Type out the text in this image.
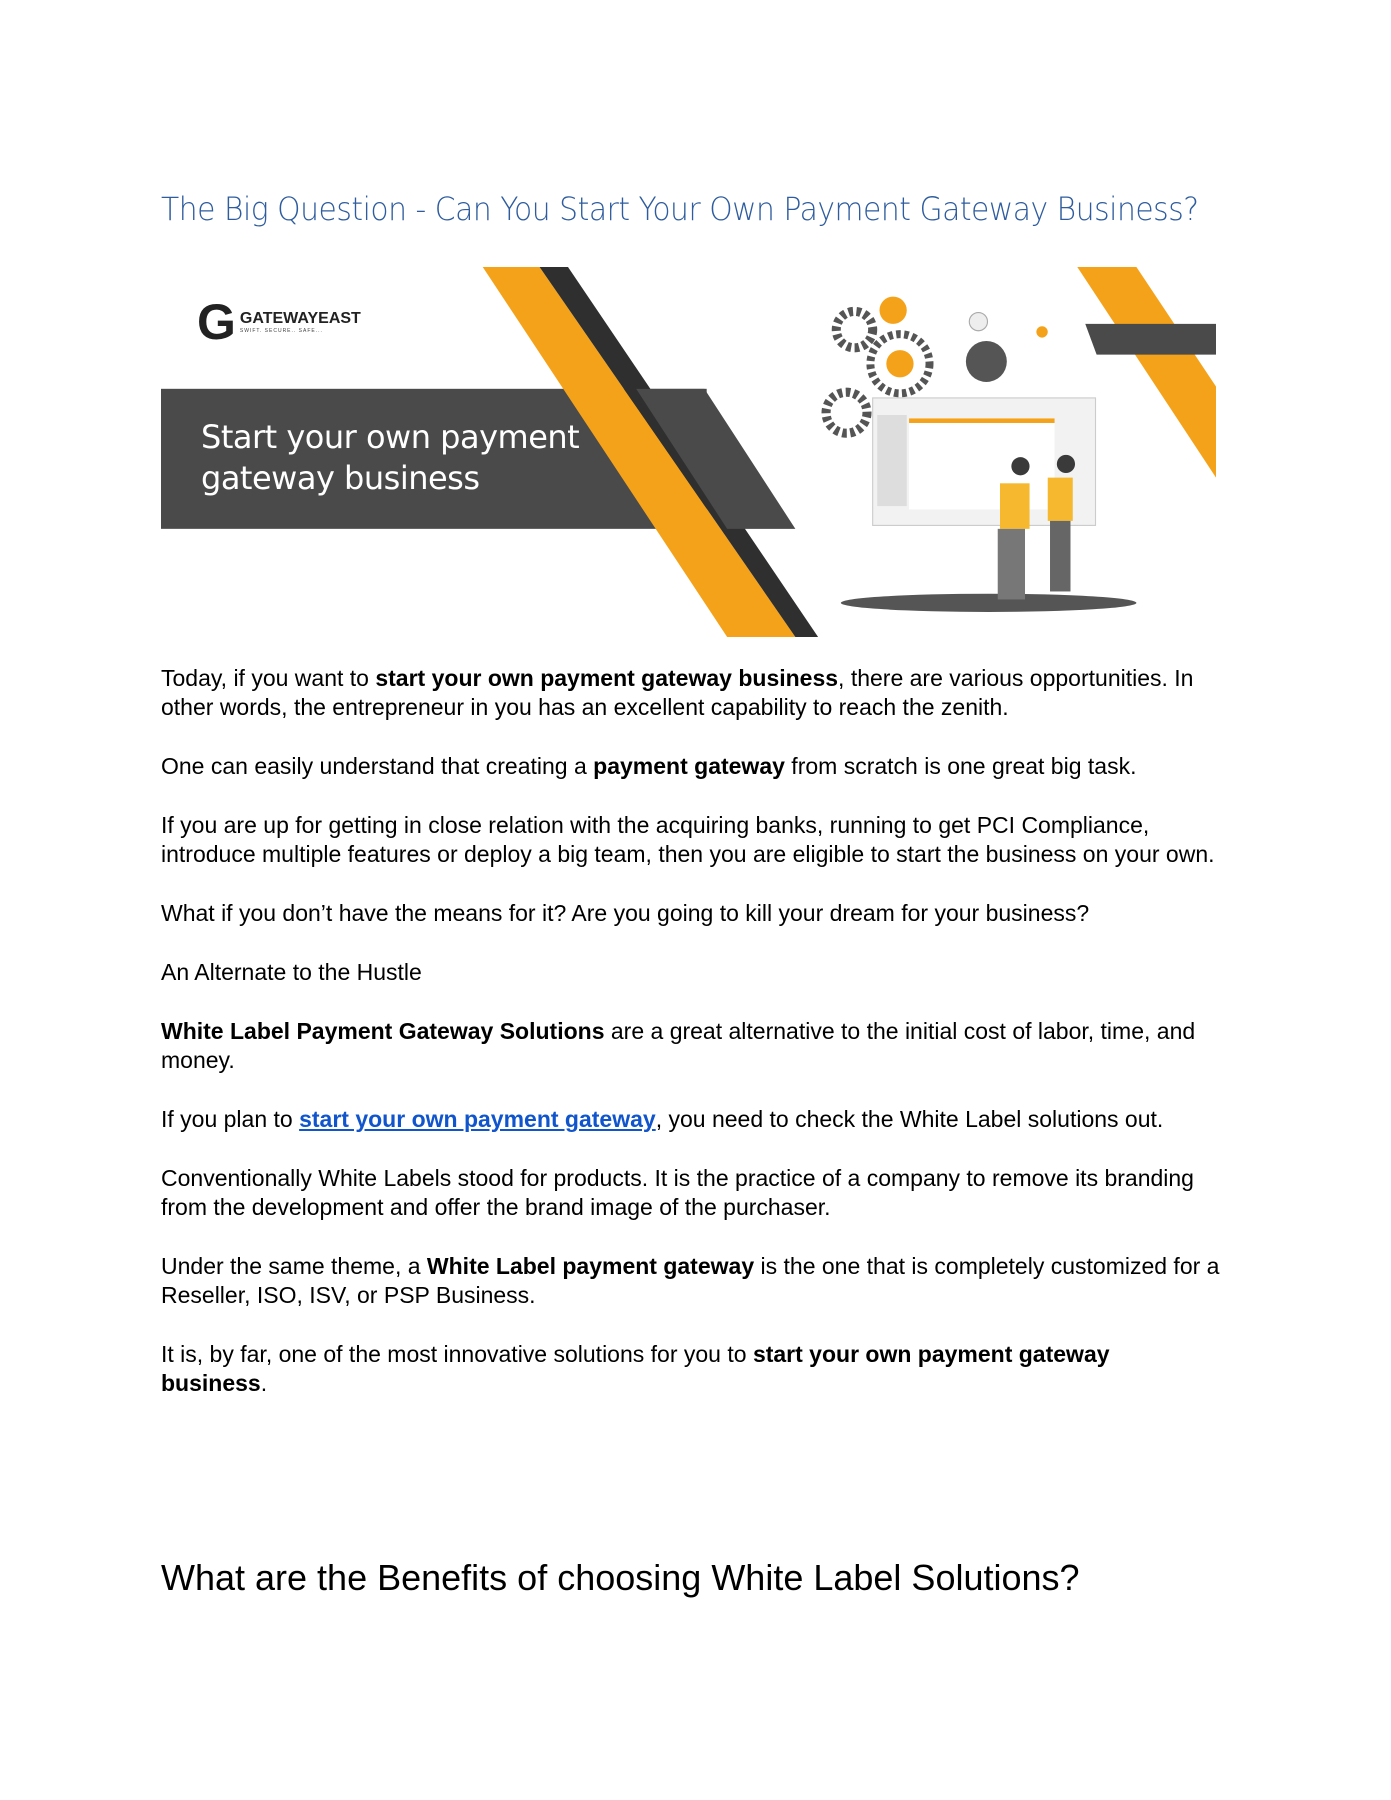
The Big Question - Can You Start Your Own Payment Gateway Business?
G GATEWAYEAST
SWIFT. SECURE.. SAFE...
Start your own payment
gateway business

Today, if you want to start your own payment gateway business, there are various opportunities. In other words, the entrepreneur in you has an excellent capability to reach the zenith.

One can easily understand that creating a payment gateway from scratch is one great big task.

If you are up for getting in close relation with the acquiring banks, running to get PCI Compliance, introduce multiple features or deploy a big team, then you are eligible to start the business on your own.

What if you don’t have the means for it? Are you going to kill your dream for your business?

An Alternate to the Hustle

White Label Payment Gateway Solutions are a great alternative to the initial cost of labor, time, and money.

If you plan to start your own payment gateway, you need to check the White Label solutions out.

Conventionally White Labels stood for products. It is the practice of a company to remove its branding from the development and offer the brand image of the purchaser.

Under the same theme, a White Label payment gateway is the one that is completely customized for a Reseller, ISO, ISV, or PSP Business.

It is, by far, one of the most innovative solutions for you to start your own payment gateway business.

What are the Benefits of choosing White Label Solutions?
